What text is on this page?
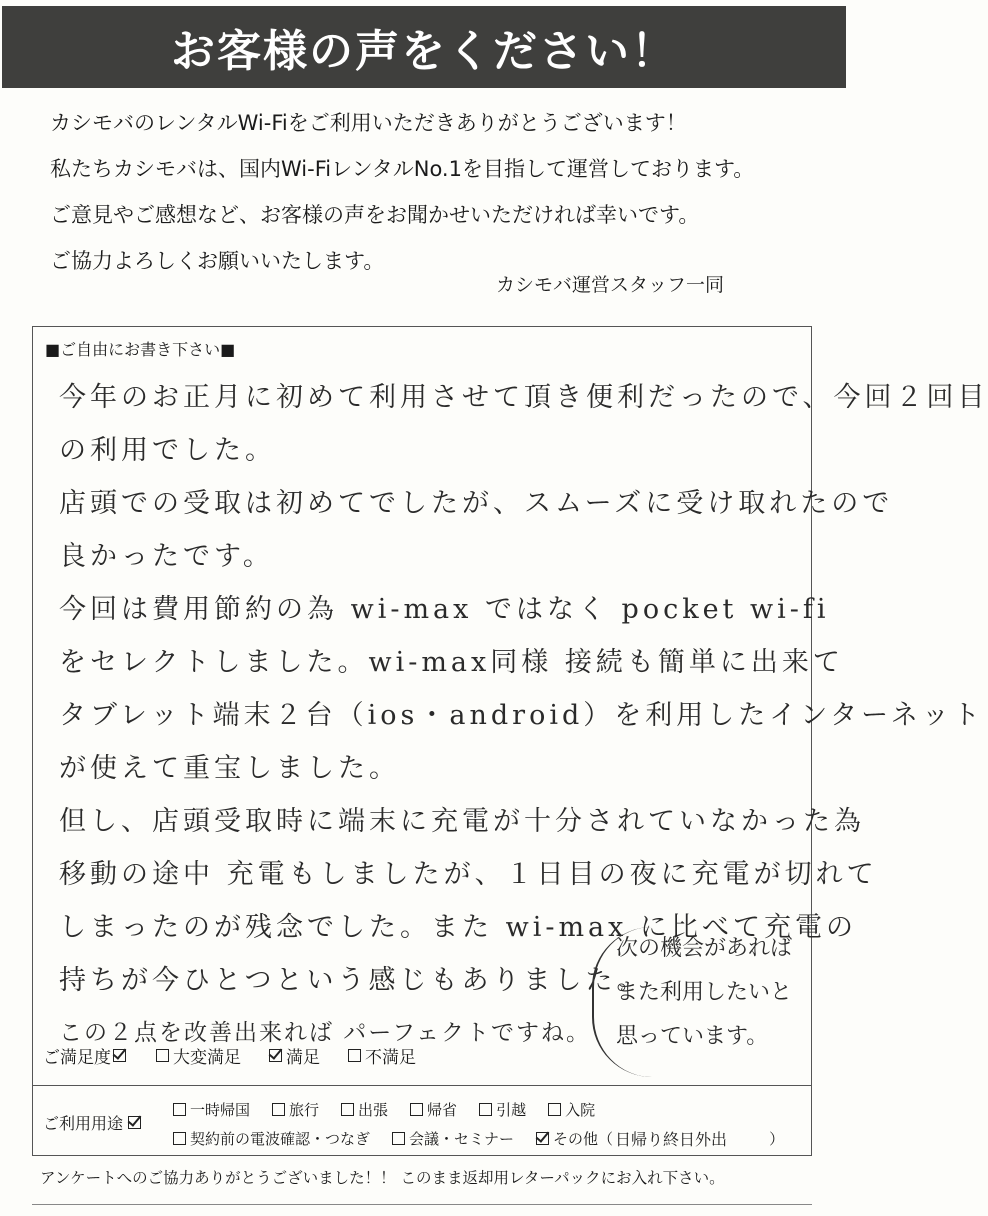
お客様の声をください！
カシモバのレンタルWi-Fiをご利用いただきありがとうございます！
私たちカシモバは、国内Wi-FiレンタルNo.1を目指して運営しております。
ご意見やご感想など、お客様の声をお聞かせいただければ幸いです。
ご協力よろしくお願いいたします。
カシモバ運営スタッフ一同
■ご自由にお書き下さい■
今年のお正月に初めて利用させて頂き便利だったので、今回２回目
の利用でした。
店頭での受取は初めてでしたが、スムーズに受け取れたので
良かったです。
今回は費用節約の為 wi-max ではなく pocket wi-fi
をセレクトしました。wi-max同様 接続も簡単に出来て
タブレット端末２台（ios・android）を利用したインターネット
が使えて重宝しました。
但し、店頭受取時に端末に充電が十分されていなかった為
移動の途中 充電もしましたが、１日目の夜に充電が切れて
しまったのが残念でした。また wi-max に比べて充電の
持ちが今ひとつという感じもありました。
この２点を改善出来れば パーフェクトですね。
次の機会があれば
また利用したいと
思っています。
ご満足度	大変満足	満足	不満足
ご利用用途
一時帰国	旅行	出張	帰省	引越	入院
契約前の電波確認・つなぎ	会議・セミナー	その他（ 日帰り終日外出	）
アンケートへのご協力ありがとうございました！！ このまま返却用レターパックにお入れ下さい。
